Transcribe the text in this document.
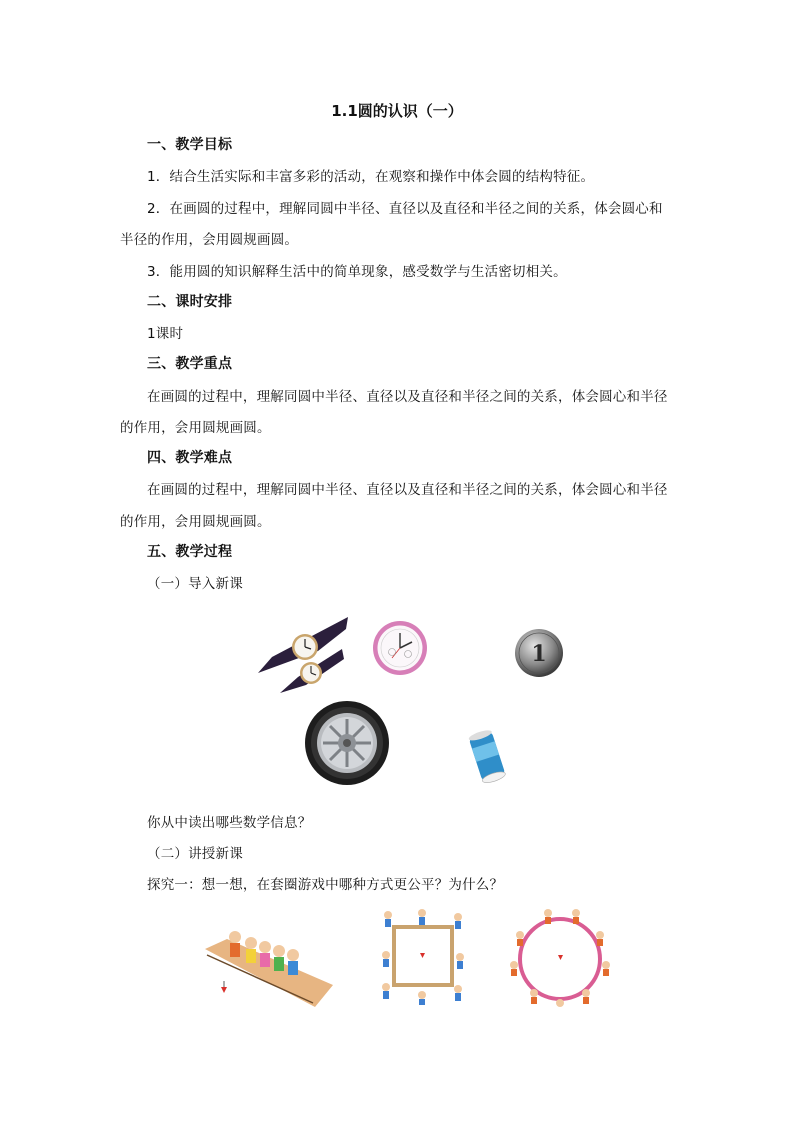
1.1圆的认识（一）
一、教学目标
1．结合生活实际和丰富多彩的活动，在观察和操作中体会圆的结构特征。
2．在画圆的过程中，理解同圆中半径、直径以及直径和半径之间的关系，体会圆心和
半径的作用，会用圆规画圆。
3．能用圆的知识解释生活中的简单现象，感受数学与生活密切相关。
二、课时安排
1课时
三、教学重点
在画圆的过程中，理解同圆中半径、直径以及直径和半径之间的关系，体会圆心和半径
的作用，会用圆规画圆。
四、教学难点
在画圆的过程中，理解同圆中半径、直径以及直径和半径之间的关系，体会圆心和半径
的作用，会用圆规画圆。
五、教学过程
（一）导入新课
1
你从中读出哪些数学信息？
（二）讲授新课
探究一：想一想，在套圈游戏中哪种方式更公平？为什么？
